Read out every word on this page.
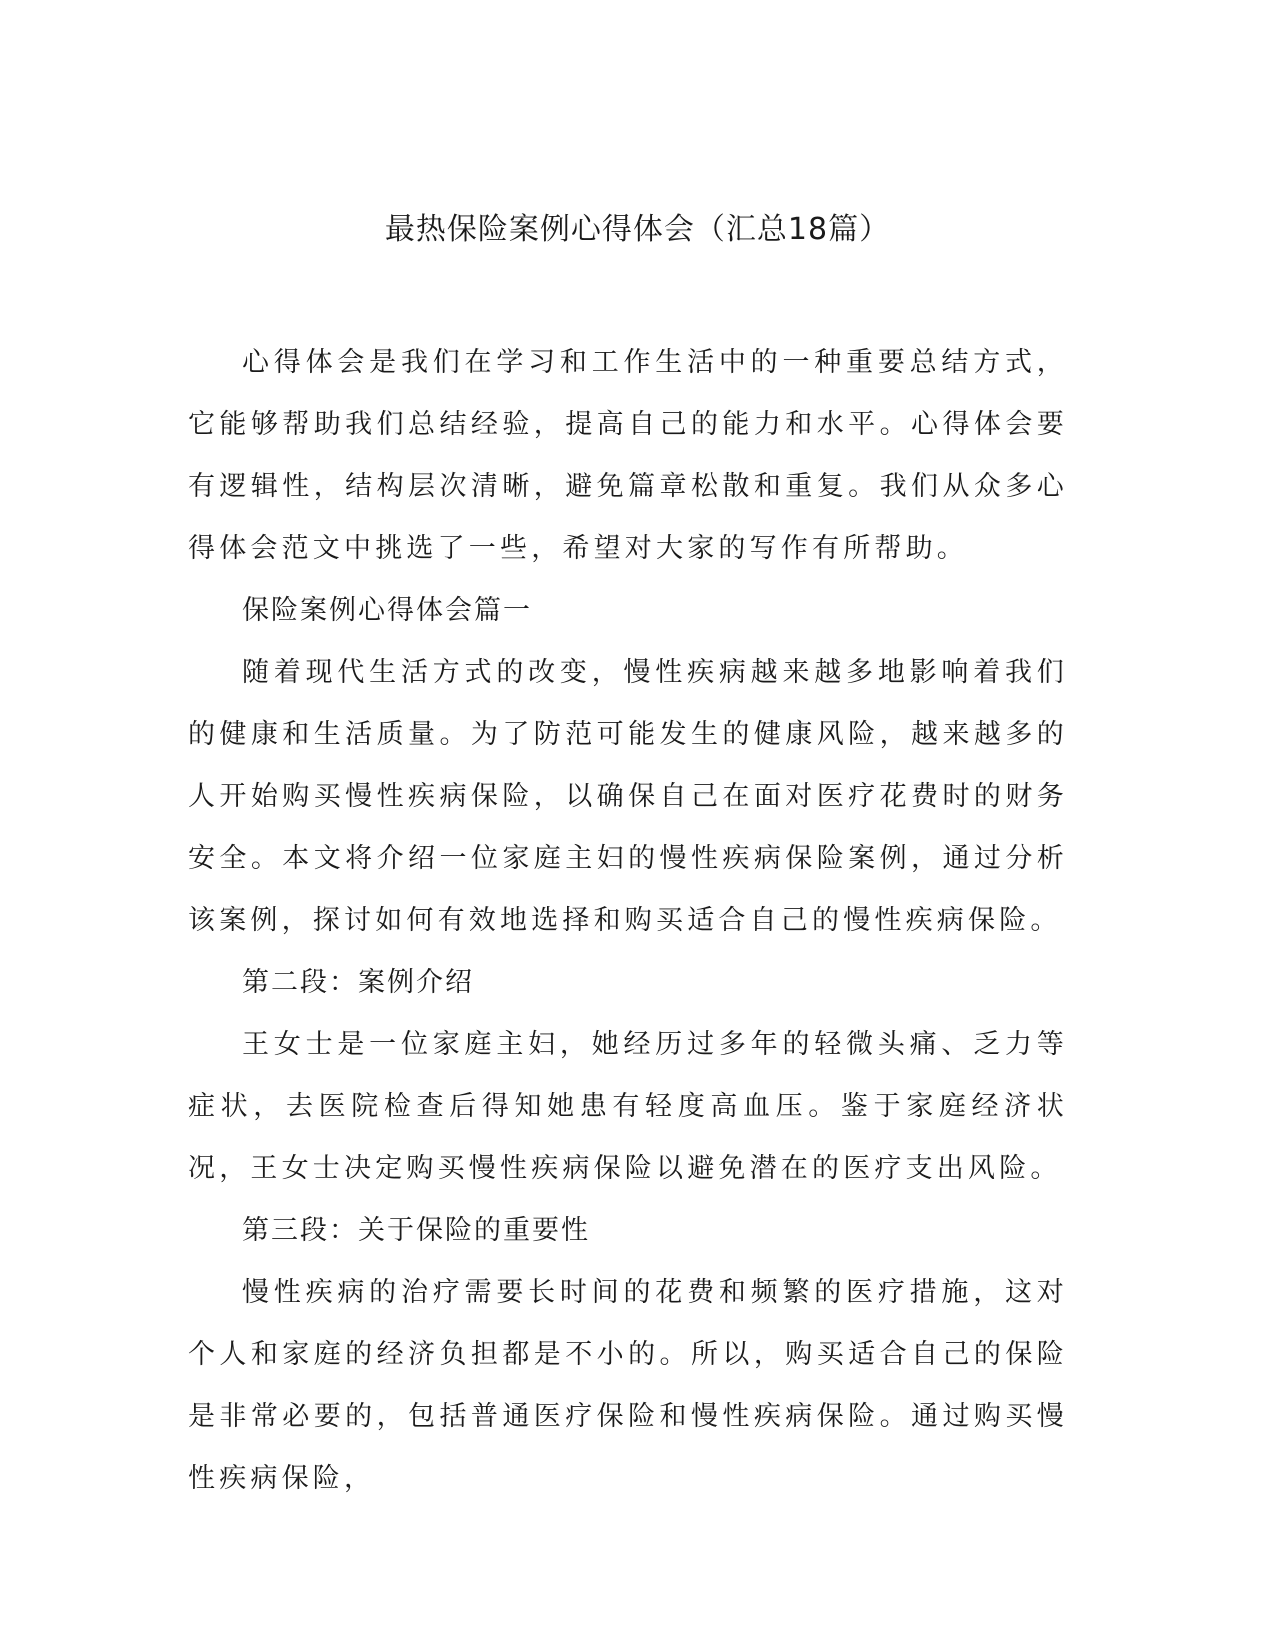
最热保险案例心得体会（汇总18篇）

心得体会是我们在学习和工作生活中的一种重要总结方式，它能够帮助我们总结经验，提高自己的能力和水平。心得体会要有逻辑性，结构层次清晰，避免篇章松散和重复。我们从众多心得体会范文中挑选了一些，希望对大家的写作有所帮助。

保险案例心得体会篇一

随着现代生活方式的改变，慢性疾病越来越多地影响着我们的健康和生活质量。为了防范可能发生的健康风险，越来越多的人开始购买慢性疾病保险，以确保自己在面对医疗花费时的财务安全。本文将介绍一位家庭主妇的慢性疾病保险案例，通过分析该案例，探讨如何有效地选择和购买适合自己的慢性疾病保险。

第二段：案例介绍

王女士是一位家庭主妇，她经历过多年的轻微头痛、乏力等症状，去医院检查后得知她患有轻度高血压。鉴于家庭经济状况，王女士决定购买慢性疾病保险以避免潜在的医疗支出风险。

第三段：关于保险的重要性

慢性疾病的治疗需要长时间的花费和频繁的医疗措施，这对个人和家庭的经济负担都是不小的。所以，购买适合自己的保险是非常必要的，包括普通医疗保险和慢性疾病保险。通过购买慢性疾病保险，
